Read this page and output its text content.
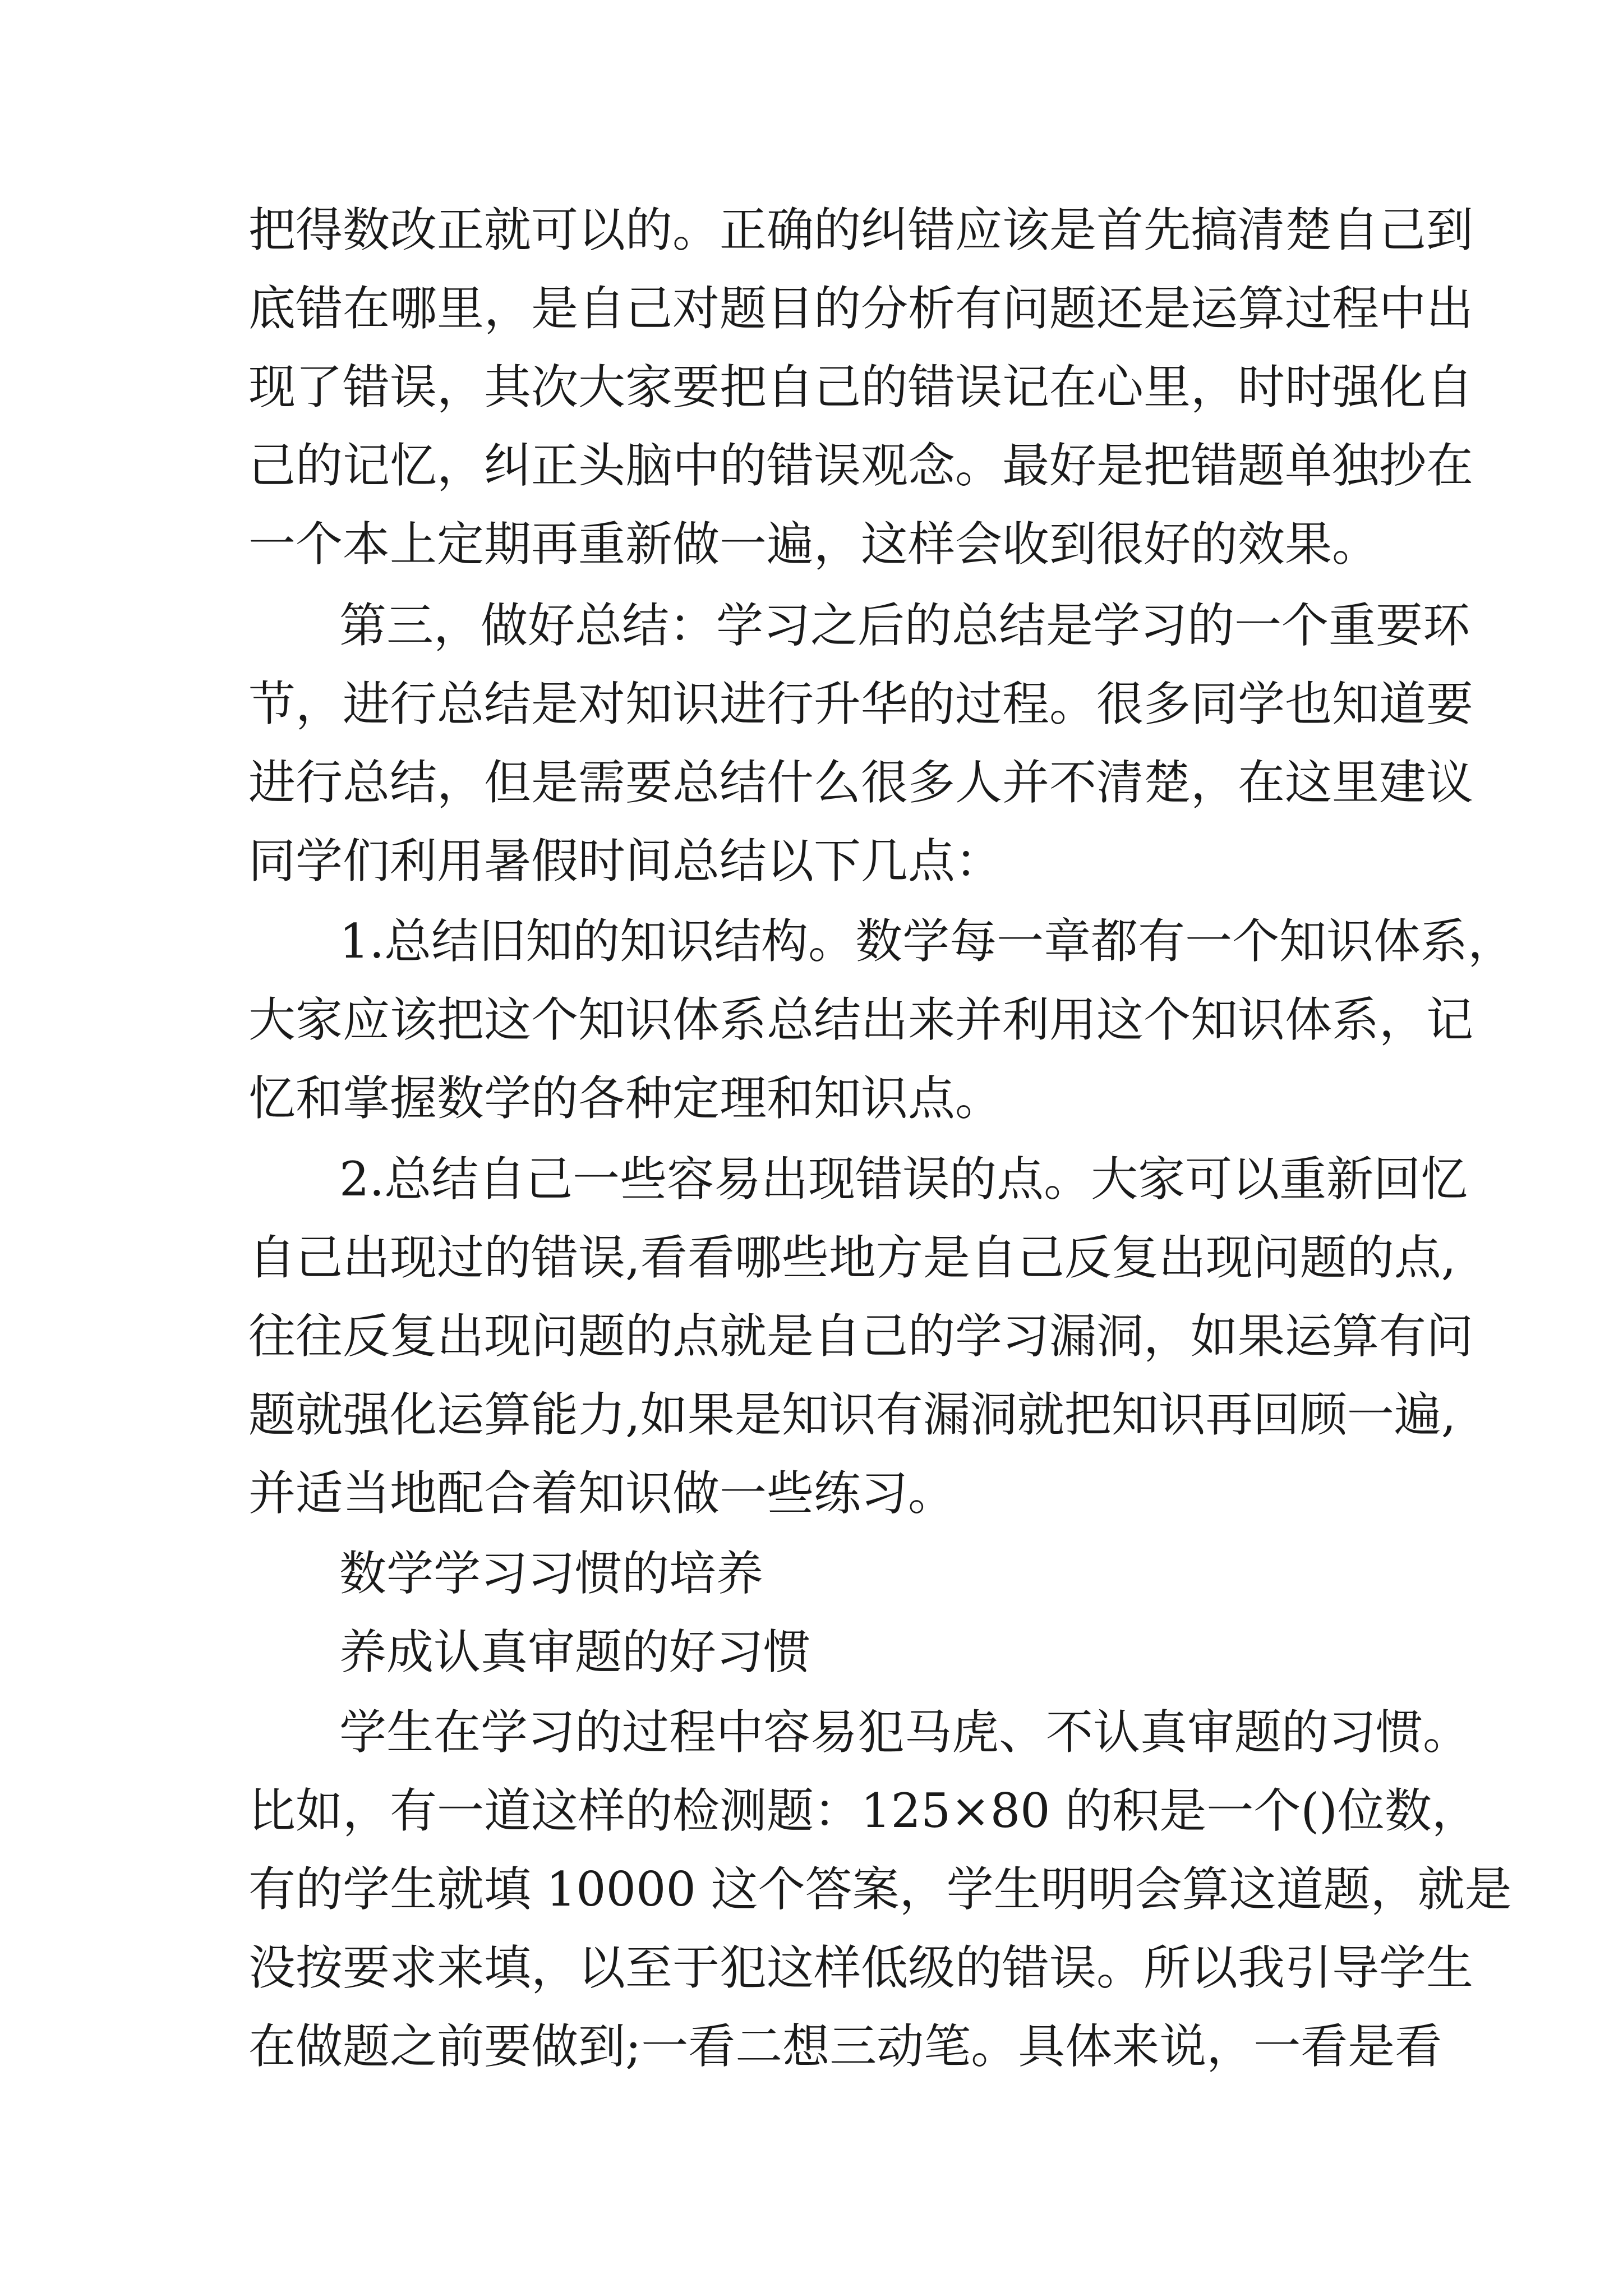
把得数改正就可以的。正确的纠错应该是首先搞清楚自己到
底错在哪里，是自己对题目的分析有问题还是运算过程中出
现了错误，其次大家要把自己的错误记在心里，时时强化自
己的记忆，纠正头脑中的错误观念。最好是把错题单独抄在
一个本上定期再重新做一遍，这样会收到很好的效果。
第三，做好总结：学习之后的总结是学习的一个重要环
节，进行总结是对知识进行升华的过程。很多同学也知道要
进行总结，但是需要总结什么很多人并不清楚，在这里建议
同学们利用暑假时间总结以下几点：
1.总结旧知的知识结构。数学每一章都有一个知识体系，
大家应该把这个知识体系总结出来并利用这个知识体系，记
忆和掌握数学的各种定理和知识点。
2.总结自己一些容易出现错误的点。大家可以重新回忆
自己出现过的错误,看看哪些地方是自己反复出现问题的点,
往往反复出现问题的点就是自己的学习漏洞，如果运算有问
题就强化运算能力,如果是知识有漏洞就把知识再回顾一遍,
并适当地配合着知识做一些练习。
数学学习习惯的培养
养成认真审题的好习惯
学生在学习的过程中容易犯马虎、不认真审题的习惯。
比如，有一道这样的检测题：125×80 的积是一个()位数，
有的学生就填 10000 这个答案，学生明明会算这道题，就是
没按要求来填，以至于犯这样低级的错误。所以我引导学生
在做题之前要做到;一看二想三动笔。具体来说，一看是看
